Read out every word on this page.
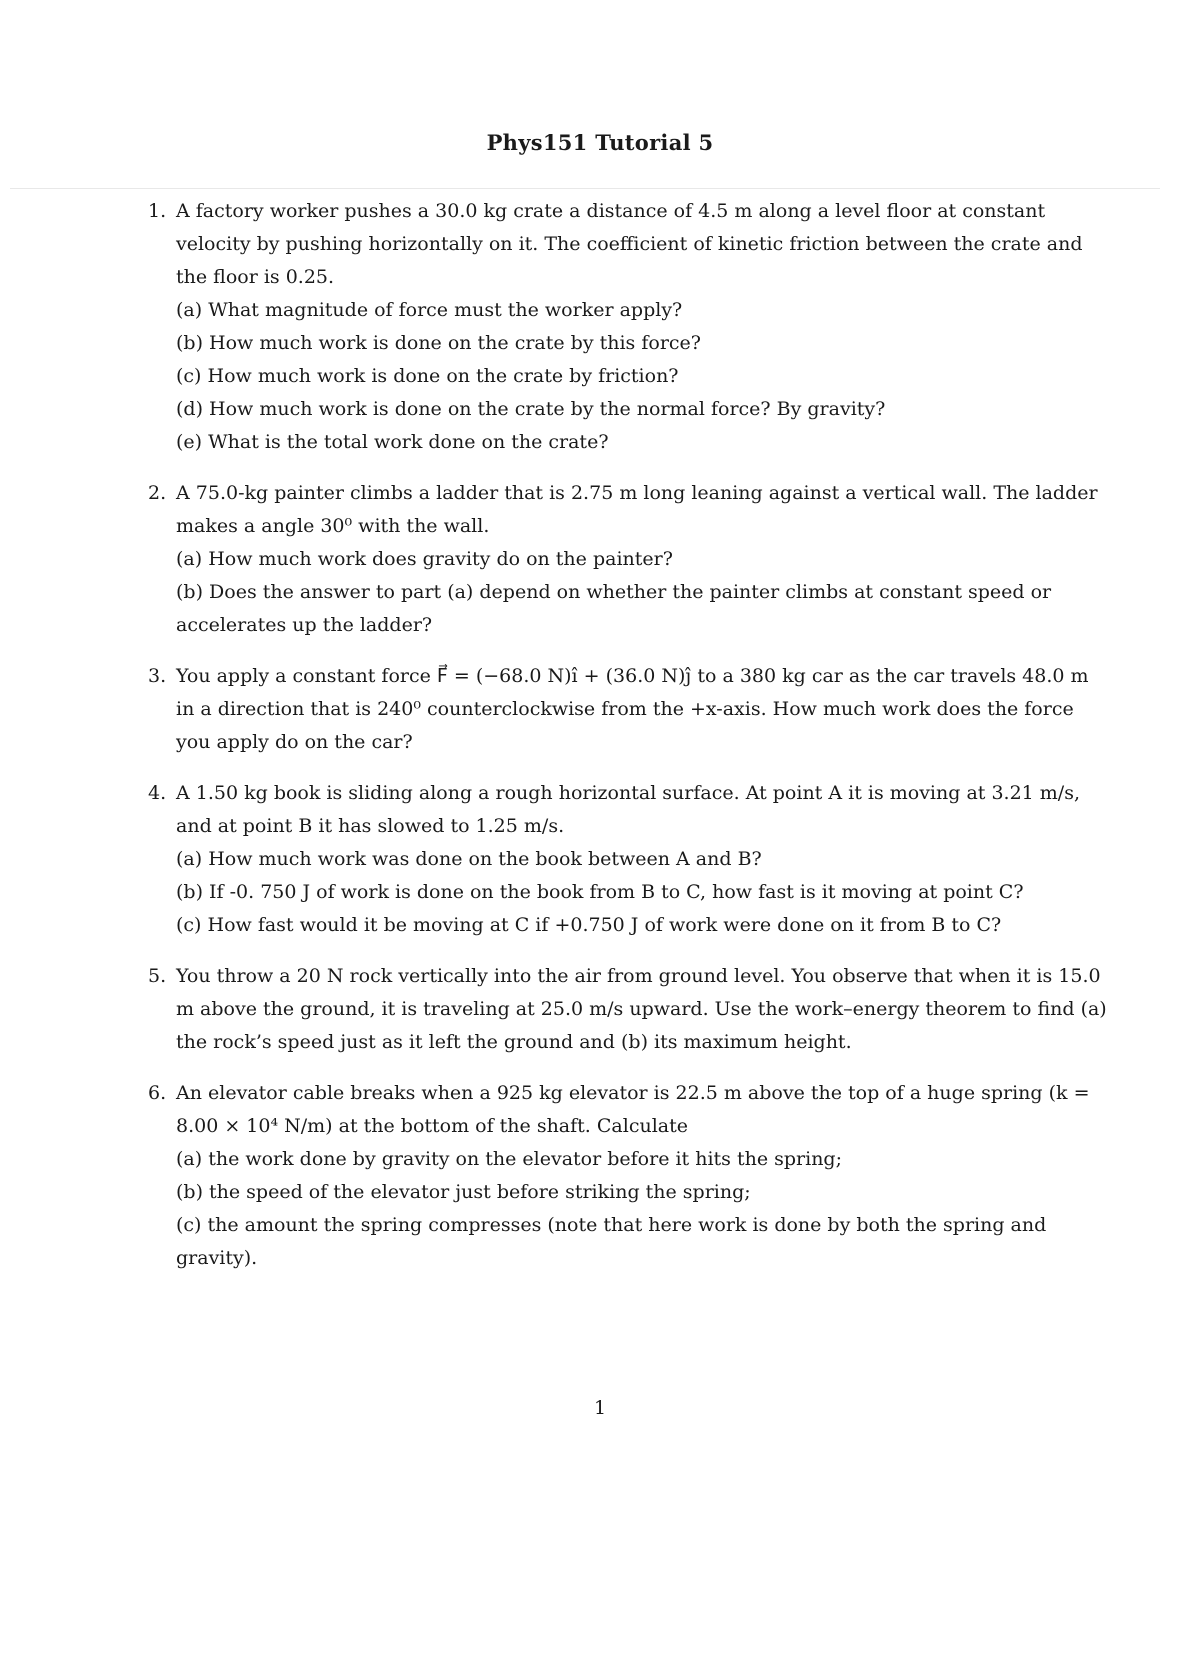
Phys151 Tutorial 5
1. A factory worker pushes a 30.0 kg crate a distance of 4.5 m along a level floor at constant velocity by pushing horizontally on it. The coefficient of kinetic friction between the crate and the floor is 0.25.
(a) What magnitude of force must the worker apply?
(b) How much work is done on the crate by this force?
(c) How much work is done on the crate by friction?
(d) How much work is done on the crate by the normal force? By gravity?
(e) What is the total work done on the crate?
2. A 75.0-kg painter climbs a ladder that is 2.75 m long leaning against a vertical wall. The ladder makes a angle 30⁰ with the wall.
(a) How much work does gravity do on the painter?
(b) Does the answer to part (a) depend on whether the painter climbs at constant speed or accelerates up the ladder?
3. You apply a constant force F⃗ = (−68.0 N)î + (36.0 N)ĵ to a 380 kg car as the car travels 48.0 m in a direction that is 240⁰ counterclockwise from the +x-axis. How much work does the force you apply do on the car?
4. A 1.50 kg book is sliding along a rough horizontal surface. At point A it is moving at 3.21 m/s, and at point B it has slowed to 1.25 m/s.
(a) How much work was done on the book between A and B?
(b) If -0. 750 J of work is done on the book from B to C, how fast is it moving at point C?
(c) How fast would it be moving at C if +0.750 J of work were done on it from B to C?
5. You throw a 20 N rock vertically into the air from ground level. You observe that when it is 15.0 m above the ground, it is traveling at 25.0 m/s upward. Use the work–energy theorem to find (a) the rock’s speed just as it left the ground and (b) its maximum height.
6. An elevator cable breaks when a 925 kg elevator is 22.5 m above the top of a huge spring (k = 8.00 × 10⁴ N/m) at the bottom of the shaft. Calculate
(a) the work done by gravity on the elevator before it hits the spring;
(b) the speed of the elevator just before striking the spring;
(c) the amount the spring compresses (note that here work is done by both the spring and gravity).
1
